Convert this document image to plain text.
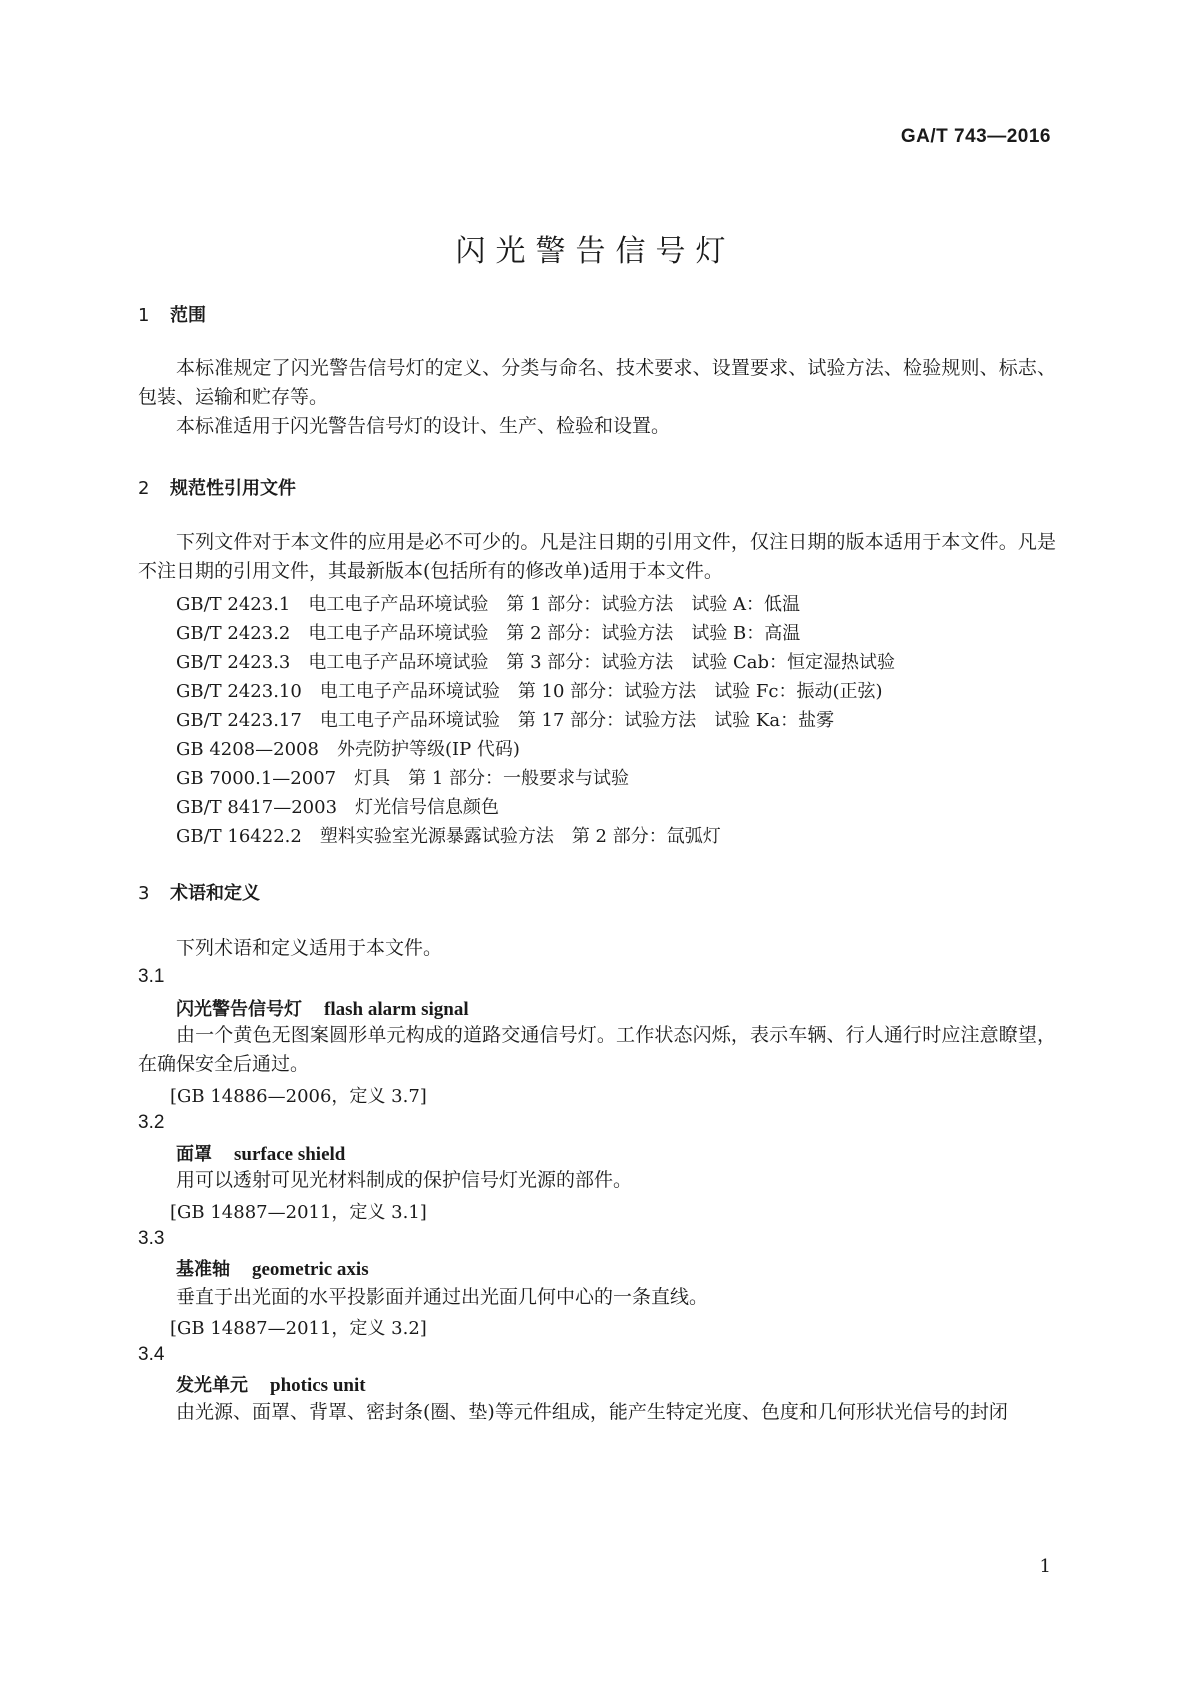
GA/T 743—2016
闪光警告信号灯
1 范围
本标准规定了闪光警告信号灯的定义、分类与命名、技术要求、设置要求、试验方法、检验规则、标志、包装、运输和贮存等。
本标准适用于闪光警告信号灯的设计、生产、检验和设置。
2 规范性引用文件
下列文件对于本文件的应用是必不可少的。凡是注日期的引用文件，仅注日期的版本适用于本文件。凡是不注日期的引用文件，其最新版本(包括所有的修改单)适用于本文件。
GB/T 2423.1　电工电子产品环境试验　第 1 部分：试验方法　试验 A：低温
GB/T 2423.2　电工电子产品环境试验　第 2 部分：试验方法　试验 B：高温
GB/T 2423.3　电工电子产品环境试验　第 3 部分：试验方法　试验 Cab：恒定湿热试验
GB/T 2423.10　电工电子产品环境试验　第 10 部分：试验方法　试验 Fc：振动(正弦)
GB/T 2423.17　电工电子产品环境试验　第 17 部分：试验方法　试验 Ka：盐雾
GB 4208—2008　外壳防护等级(IP 代码)
GB 7000.1—2007　灯具　第 1 部分：一般要求与试验
GB/T 8417—2003　灯光信号信息颜色
GB/T 16422.2　塑料实验室光源暴露试验方法　第 2 部分：氙弧灯
3 术语和定义
下列术语和定义适用于本文件。
3.1
闪光警告信号灯 flash alarm signal
由一个黄色无图案圆形单元构成的道路交通信号灯。工作状态闪烁，表示车辆、行人通行时应注意瞭望，在确保安全后通过。
[GB 14886—2006，定义 3.7]
3.2
面罩 surface shield
用可以透射可见光材料制成的保护信号灯光源的部件。
[GB 14887—2011，定义 3.1]
3.3
基准轴 geometric axis
垂直于出光面的水平投影面并通过出光面几何中心的一条直线。
[GB 14887—2011，定义 3.2]
3.4
发光单元 photics unit
由光源、面罩、背罩、密封条(圈、垫)等元件组成，能产生特定光度、色度和几何形状光信号的封闭
1
